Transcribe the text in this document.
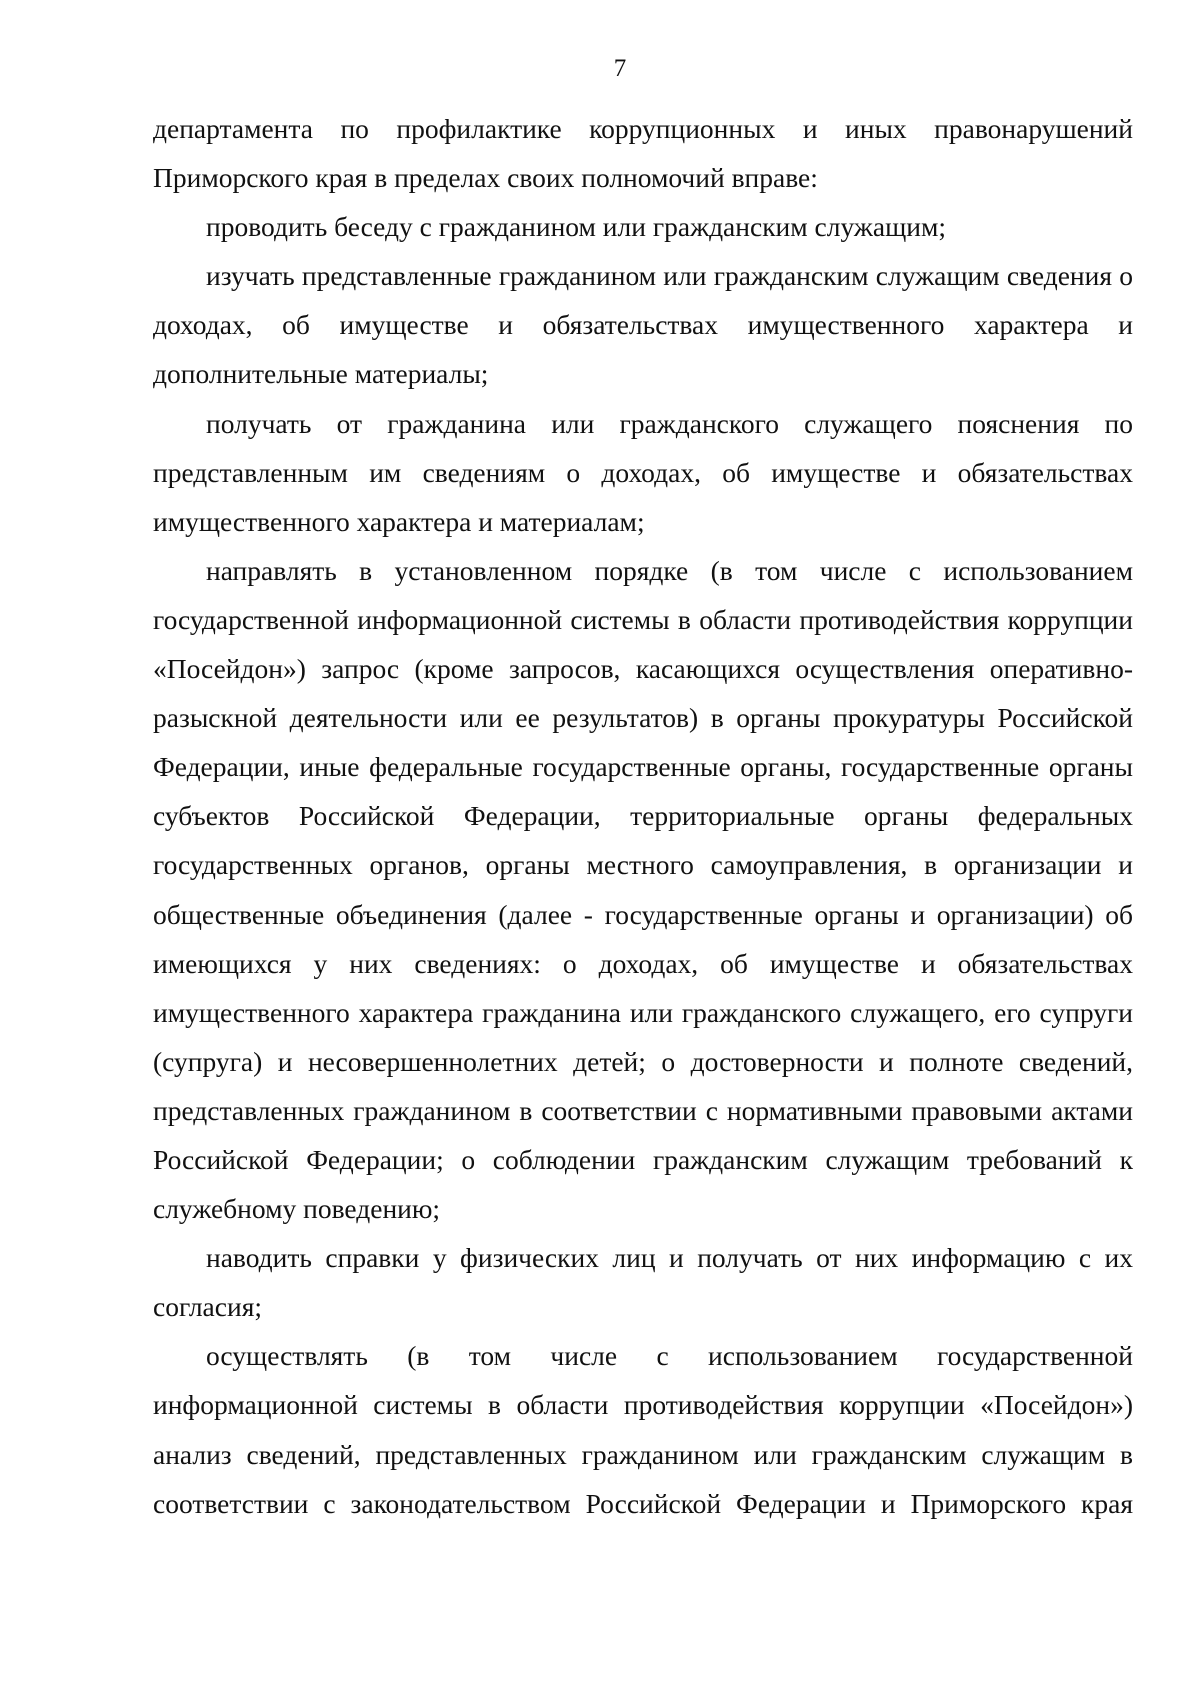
7

департамента по профилактике коррупционных и иных правонарушений Приморского края в пределах своих полномочий вправе:

проводить беседу с гражданином или гражданским служащим;

изучать представленные гражданином или гражданским служащим сведения о доходах, об имуществе и обязательствах имущественного характера и дополнительные материалы;

получать от гражданина или гражданского служащего пояснения по представленным им сведениям о доходах, об имуществе и обязательствах имущественного характера и материалам;

направлять в установленном порядке (в том числе с использованием государственной информационной системы в области противодействия коррупции «Посейдон») запрос (кроме запросов, касающихся осуществления оперативно-разыскной деятельности или ее результатов) в органы прокуратуры Российской Федерации, иные федеральные государственные органы, государственные органы субъектов Российской Федерации, территориальные органы федеральных государственных органов, органы местного самоуправления, в организации и общественные объединения (далее - государственные органы и организации) об имеющихся у них сведениях: о доходах, об имуществе и обязательствах имущественного характера гражданина или гражданского служащего, его супруги (супруга) и несовершеннолетних детей; о достоверности и полноте сведений, представленных гражданином в соответствии с нормативными правовыми актами Российской Федерации; о соблюдении гражданским служащим требований к служебному поведению;

наводить справки у физических лиц и получать от них информацию с их согласия;

осуществлять (в том числе с использованием государственной информационной системы в области противодействия коррупции «Посейдон») анализ сведений, представленных гражданином или гражданским служащим в соответствии с законодательством Российской Федерации и Приморского края
